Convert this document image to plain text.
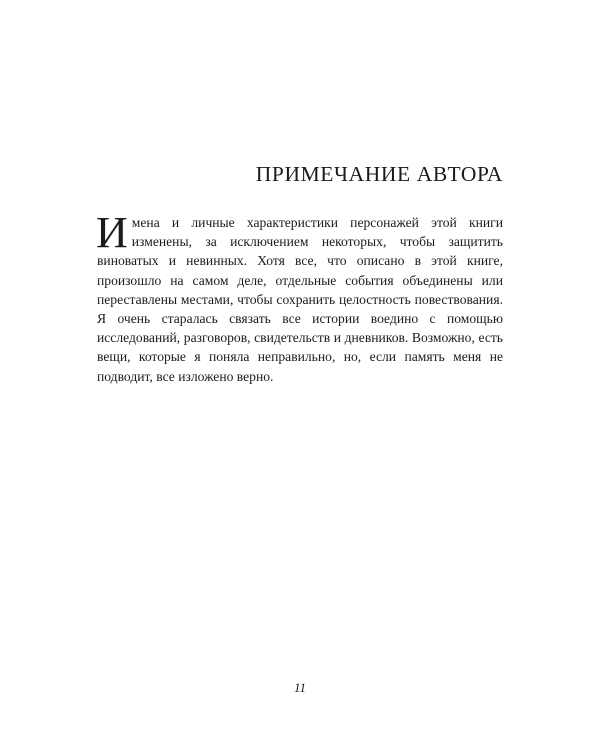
ПРИМЕЧАНИЕ АВТОРА
И мена и личные характеристики персонажей этой книги изменены, за исключением некоторых, чтобы защитить виноватых и невинных. Хотя все, что описано в этой книге, произошло на самом деле, отдельные события объединены или переставлены местами, чтобы сохранить целостность повествования. Я очень старалась связать все истории воедино с помощью исследований, разговоров, свидетельств и дневников. Возможно, есть вещи, которые я поняла неправильно, но, если память меня не подводит, все изложено верно.

11
